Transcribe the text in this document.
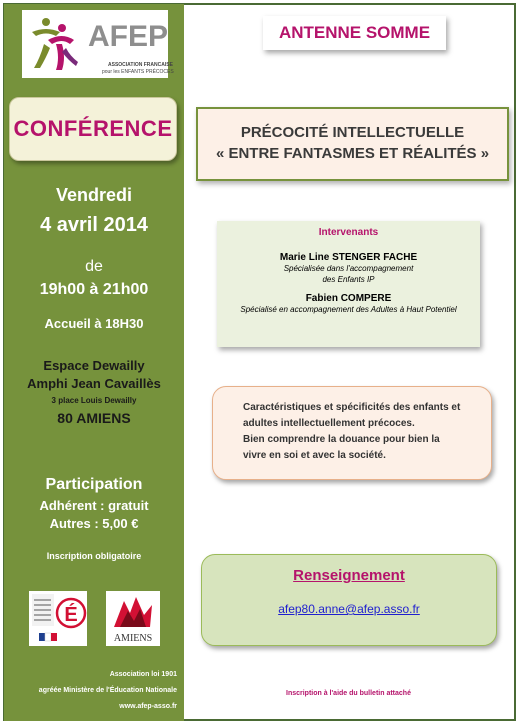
AFEP
ASSOCIATION FRANCAISE
pour les ENFANTS PRÉCOCES
CONFÉRENCE
Vendredi
4 avril 2014
de
19h00 à 21h00
Accueil à 18H30
Espace Dewailly
Amphi Jean Cavaillès
3 place Louis Dewailly
80 AMIENS
Participation
Adhérent : gratuit
Autres : 5,00 €
Inscription obligatoire
É
AMIENS
Association loi 1901
agréée Ministère de l'Éducation Nationale
www.afep-asso.fr
ANTENNE SOMME
PRÉCOCITÉ INTELLECTUELLE
« ENTRE FANTASMES ET RÉALITÉS »
Intervenants
Marie Line STENGER FACHE
Spécialisée dans l'accompagnement
des Enfants IP
Fabien COMPERE
Spécialisé en accompagnement des Adultes à Haut Potentiel
Caractéristiques et spécificités des enfants et
adultes intellectuellement précoces.
Bien comprendre la douance pour bien la
vivre en soi et avec la société.
Renseignement
afep80.anne@afep.asso.fr
Inscription à l'aide du bulletin attaché
